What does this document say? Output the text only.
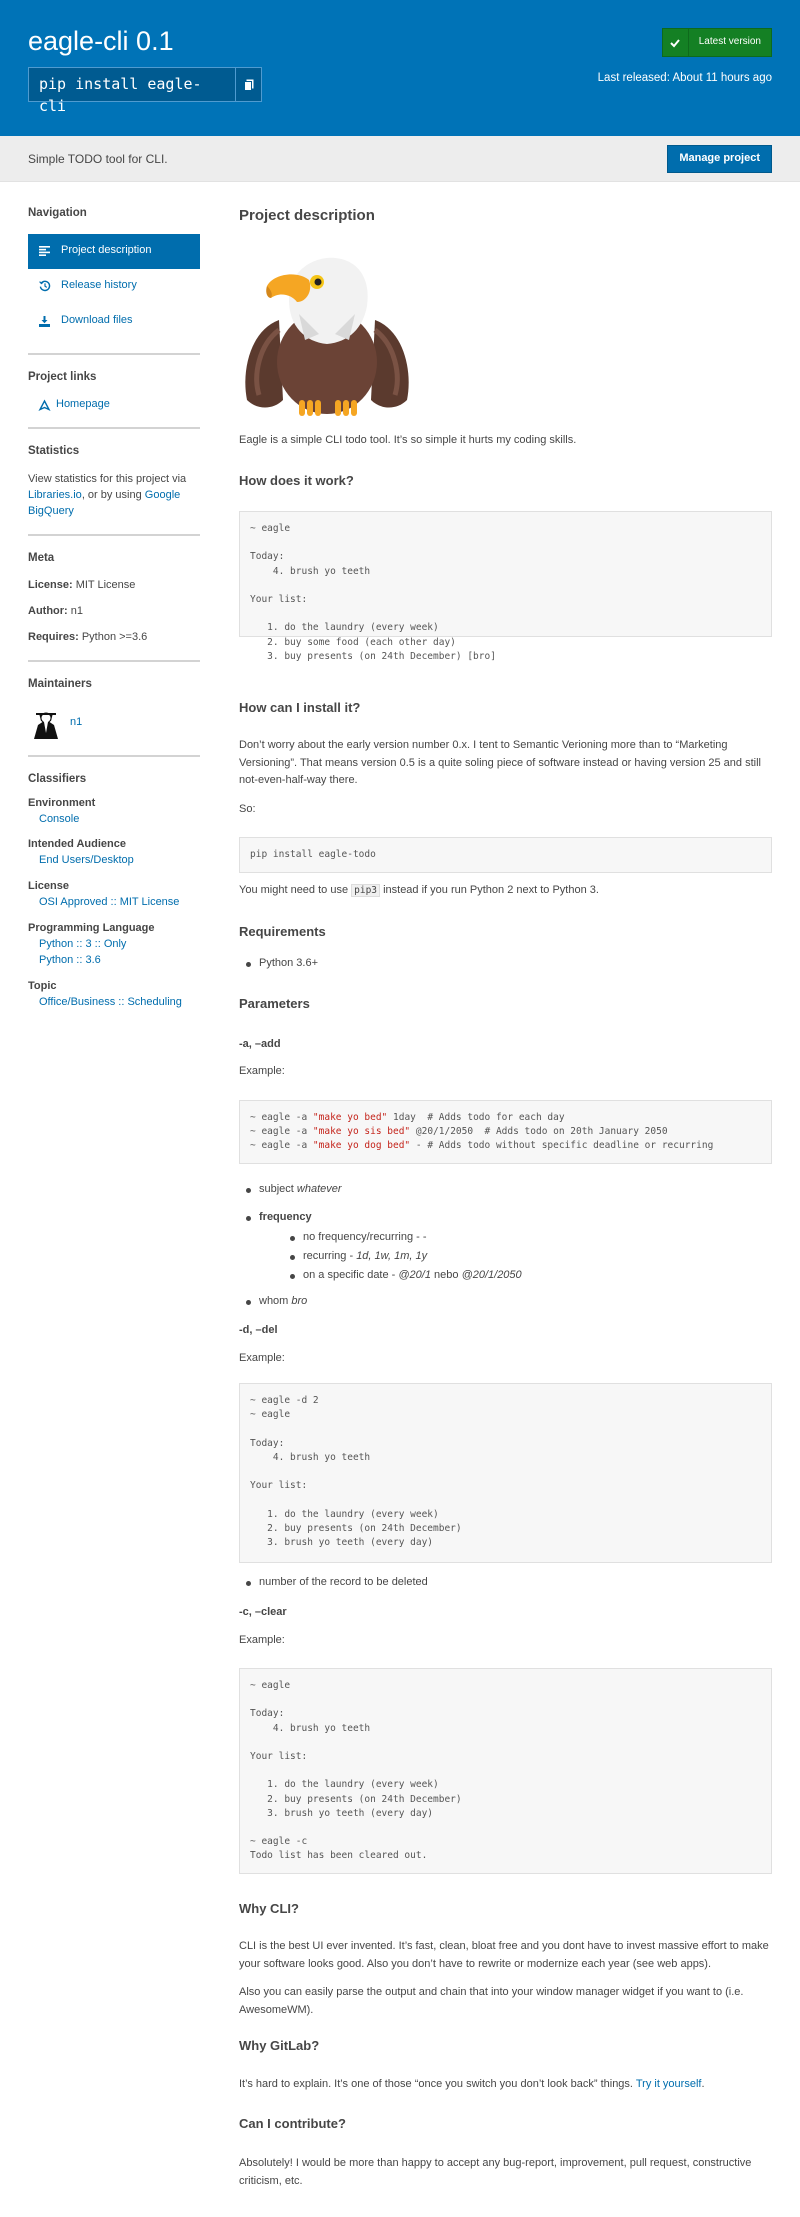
eagle-cli 0.1
pip install eagle-cli
Latest version
Last released: About 11 hours ago
Simple TODO tool for CLI.	Manage project
Navigation
Project description
Release history
Download files
Project links
Homepage
Statistics

View statistics for this project via Libraries.io, or by using Google BigQuery

Meta
License: MIT License
Author: n1
Requires: Python >=3.6
Maintainers
n1
Classifiers
Environment
Console
Intended Audience
End Users/Desktop
License
OSI Approved :: MIT License
Programming Language
Python :: 3 :: Only
Python :: 3.6
Topic
Office/Business :: Scheduling
Project description

Eagle is a simple CLI todo tool. It’s so simple it hurts my coding skills.

How does it work?
~ eagle

Today:
4. brush yo teeth

Your list:

1. do the laundry (every week)
2. buy some food (each other day)
3. buy presents (on 24th December) [bro]
How can I install it?

Don’t worry about the early version number 0.x. I tent to Semantic Verioning more than to “Marketing Versioning”. That means version 0.5 is a quite soling piece of software instead or having version 25 and still not-even-half-way there.

So:

pip install eagle-todo

You might need to use pip3 instead if you run Python 2 next to Python 3.

Requirements
Python 3.6+
Parameters
-a, –add

Example:

~ eagle -a "make yo bed" 1day  # Adds todo for each day
~ eagle -a "make yo sis bed" @20/1/2050  # Adds todo on 20th January 2050
~ eagle -a "make yo dog bed" - # Adds todo without specific deadline or recurring
subject whatever
frequency
no frequency/recurring - -
recurring - 1d, 1w, 1m, 1y
on a specific date - @20/1 nebo @20/1/2050
whom bro
-d, –del

Example:

~ eagle -d 2
~ eagle

Today:
4. brush yo teeth

Your list:

1. do the laundry (every week)
2. buy presents (on 24th December)
3. brush yo teeth (every day)
number of the record to be deleted
-c, –clear

Example:

~ eagle

Today:
4. brush yo teeth

Your list:

1. do the laundry (every week)
2. buy presents (on 24th December)
3. brush yo teeth (every day)

~ eagle -c
Todo list has been cleared out.
Why CLI?

CLI is the best UI ever invented. It’s fast, clean, bloat free and you dont have to invest massive effort to make your software looks good. Also you don’t have to rewrite or modernize each year (see web apps).

Also you can easily parse the output and chain that into your window manager widget if you want to (i.e. AwesomeWM).

Why GitLab?

It’s hard to explain. It’s one of those “once you switch you don’t look back” things. Try it yourself.

Can I contribute?

Absolutely! I would be more than happy to accept any bug-report, improvement, pull request, constructive criticism, etc.
